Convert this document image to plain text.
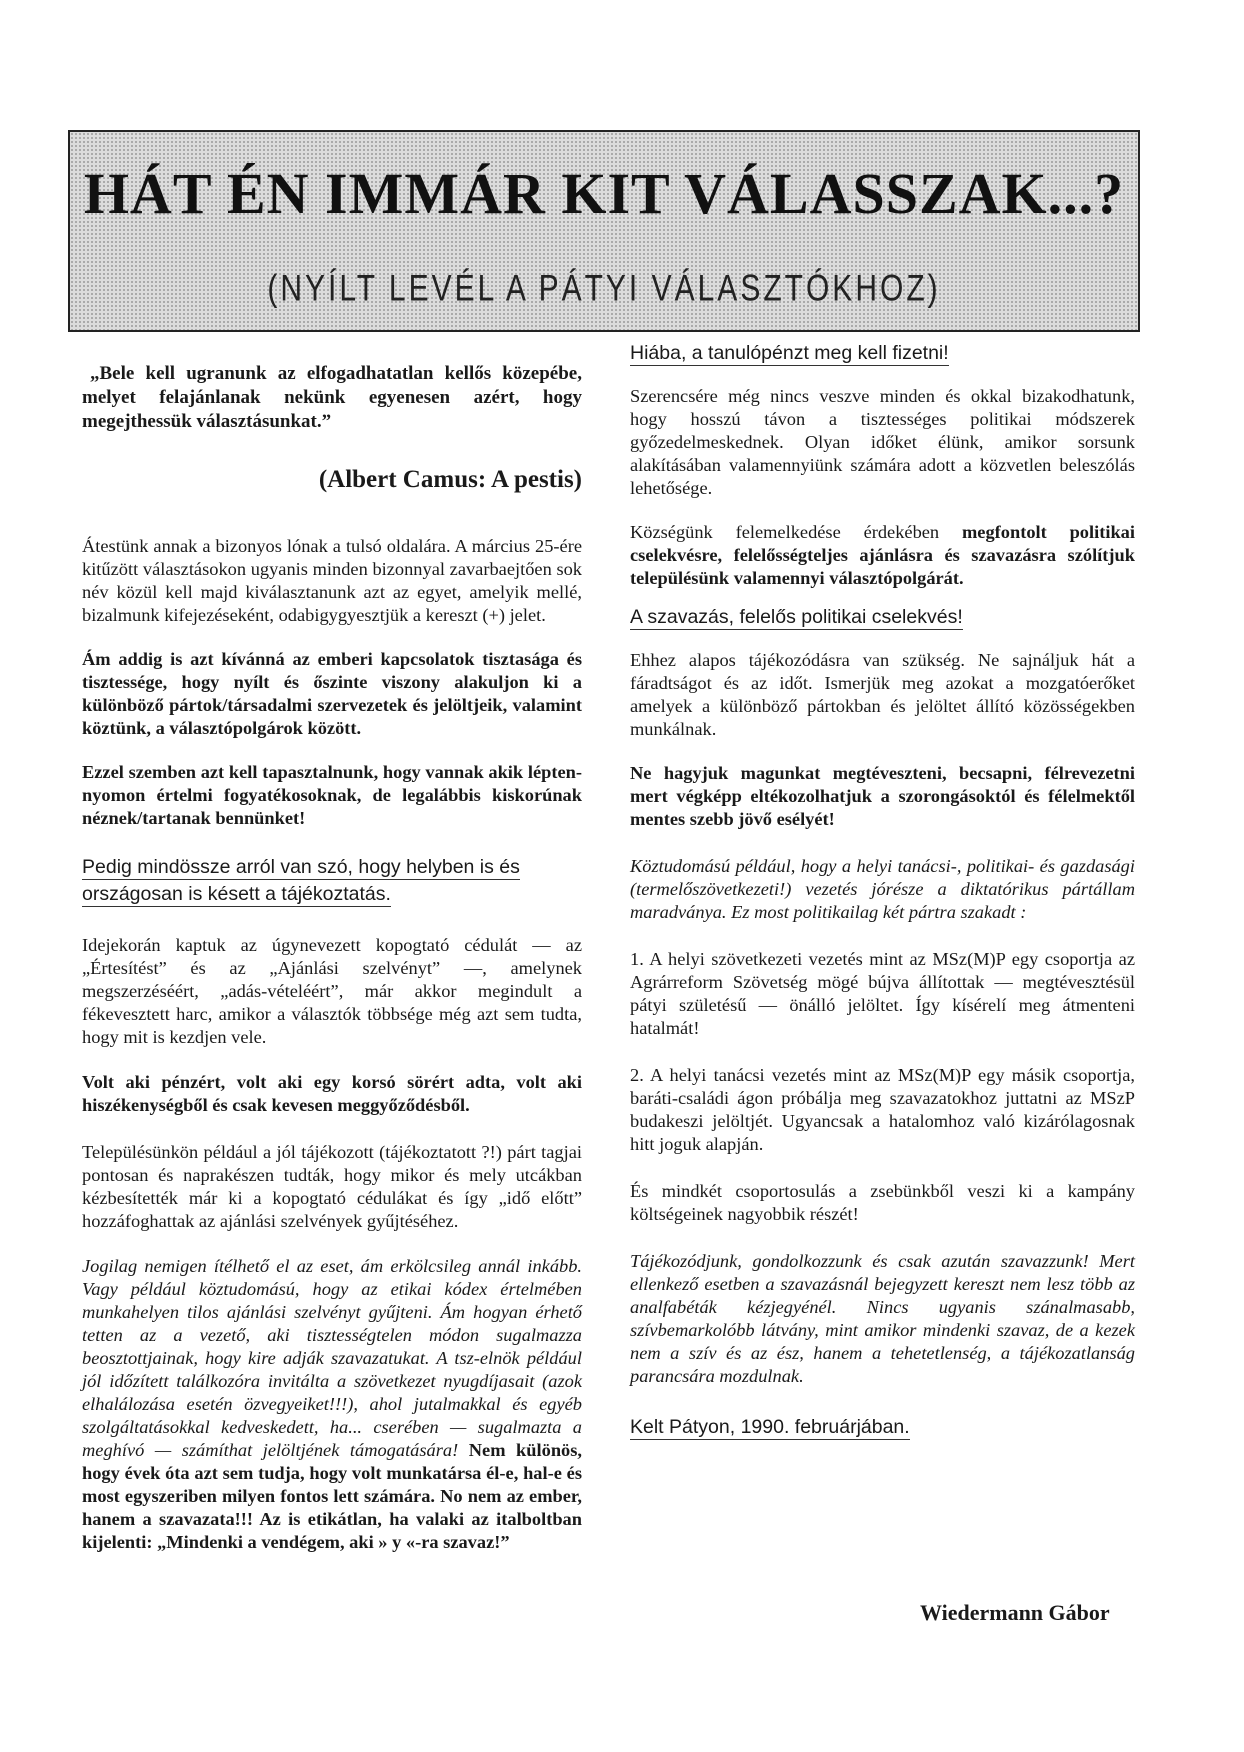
HÁT ÉN IMMÁR KIT VÁLASSZAK...?
(NYÍLT LEVÉL A PÁTYI VÁLASZTÓKHOZ)

„Bele kell ugranunk az elfogadhatatlan kellős közepébe, melyet felajánlanak nekünk egyenesen azért, hogy megejthessük választásunkat.”

(Albert Camus: A pestis)

Átestünk annak a bizonyos lónak a tulsó oldalára. A március 25-ére kitűzött választásokon ugyanis minden bizonnyal zavarbaejtően sok név közül kell majd kiválasztanunk azt az egyet, amelyik mellé, bizalmunk kifejezéseként, odabigygyesztjük a kereszt (+) jelet.

Ám addig is azt kívánná az emberi kapcsolatok tisztasága és tisztessége, hogy nyílt és őszinte viszony alakuljon ki a különböző pártok/társadalmi szervezetek és jelöltjeik, valamint köztünk, a választópolgárok között.

Ezzel szemben azt kell tapasztalnunk, hogy vannak akik lépten-nyomon értelmi fogyatékosoknak, de legalábbis kiskorúnak néznek/tartanak bennünket!

Pedig mindössze arról van szó, hogy helyben is és országosan is késett a tájékoztatás.

Idejekorán kaptuk az úgynevezett kopogtató cédulát — az „Értesítést” és az „Ajánlási szelvényt” —, amelynek megszerzéséért, „adás-vételéért”, már akkor megindult a fékevesztett harc, amikor a választók többsége még azt sem tudta, hogy mit is kezdjen vele.

Volt aki pénzért, volt aki egy korsó sörért adta, volt aki hiszékenységből és csak kevesen meggyőződésből.

Településünkön például a jól tájékozott (tájékoztatott ?!) párt tagjai pontosan és naprakészen tudták, hogy mikor és mely utcákban kézbesítették már ki a kopogtató cédulákat és így „idő előtt” hozzáfoghattak az ajánlási szelvények gyűjtéséhez.

Jogilag nemigen ítélhető el az eset, ám erkölcsileg annál inkább. Vagy például köztudomású, hogy az etikai kódex értelmében munkahelyen tilos ajánlási szelvényt gyűjteni. Ám hogyan érhető tetten az a vezető, aki tisztességtelen módon sugalmazza beosztottjainak, hogy kire adják szavazatukat. A tsz-elnök például jól időzített találkozóra invitálta a szövetkezet nyugdíjasait (azok elhalálozása esetén özvegyeiket!!!), ahol jutalmakkal és egyéb szolgáltatásokkal kedveskedett, ha... cserében — sugalmazta a meghívó — számíthat jelöltjének támogatására! Nem különös, hogy évek óta azt sem tudja, hogy volt munkatársa él-e, hal-e és most egyszeriben milyen fontos lett számára. No nem az ember, hanem a szavazata!!! Az is etikátlan, ha valaki az italboltban kijelenti: „Mindenki a vendégem, aki » y «-ra szavaz!”

Hiába, a tanulópénzt meg kell fizetni!

Szerencsére még nincs veszve minden és okkal bizakodhatunk, hogy hosszú távon a tisztességes politikai módszerek győzedelmeskednek. Olyan időket élünk, amikor sorsunk alakításában valamennyiünk számára adott a közvetlen beleszólás lehetősége.

Községünk felemelkedése érdekében megfontolt politikai cselekvésre, felelősségteljes ajánlásra és szavazásra szólítjuk településünk valamennyi választópolgárát.

A szavazás, felelős politikai cselekvés!

Ehhez alapos tájékozódásra van szükség. Ne sajnáljuk hát a fáradtságot és az időt. Ismerjük meg azokat a mozgatóerőket amelyek a különböző pártokban és jelöltet állító közösségekben munkálnak.

Ne hagyjuk magunkat megtéveszteni, becsapni, félrevezetni mert végképp eltékozolhatjuk a szorongásoktól és félelmektől mentes szebb jövő esélyét!

Köztudomású például, hogy a helyi tanácsi-, politikai- és gazdasági (termelőszövetkezeti!) vezetés jórésze a diktatórikus pártállam maradványa. Ez most politikailag két pártra szakadt :

1. A helyi szövetkezeti vezetés mint az MSz(M)P egy csoportja az Agrárreform Szövetség mögé bújva állítottak — megtévesztésül pátyi születésű — önálló jelöltet. Így kísérelí meg átmenteni hatalmát!

2. A helyi tanácsi vezetés mint az MSz(M)P egy másik csoportja, baráti-családi ágon próbálja meg szavazatokhoz juttatni az MSzP budakeszi jelöltjét. Ugyancsak a hatalomhoz való kizárólagosnak hitt joguk alapján.

És mindkét csoportosulás a zsebünkből veszi ki a kampány költségeinek nagyobbik részét!

Tájékozódjunk, gondolkozzunk és csak azután szavazzunk! Mert ellenkező esetben a szavazásnál bejegyzett kereszt nem lesz több az analfabéták kézjegyénél. Nincs ugyanis szánalmasabb, szívbemarkolóbb látvány, mint amikor mindenki szavaz, de a kezek nem a szív és az ész, hanem a tehetetlenség, a tájékozatlanság parancsára mozdulnak.

Kelt Pátyon, 1990. februárjában.

Wiedermann Gábor
